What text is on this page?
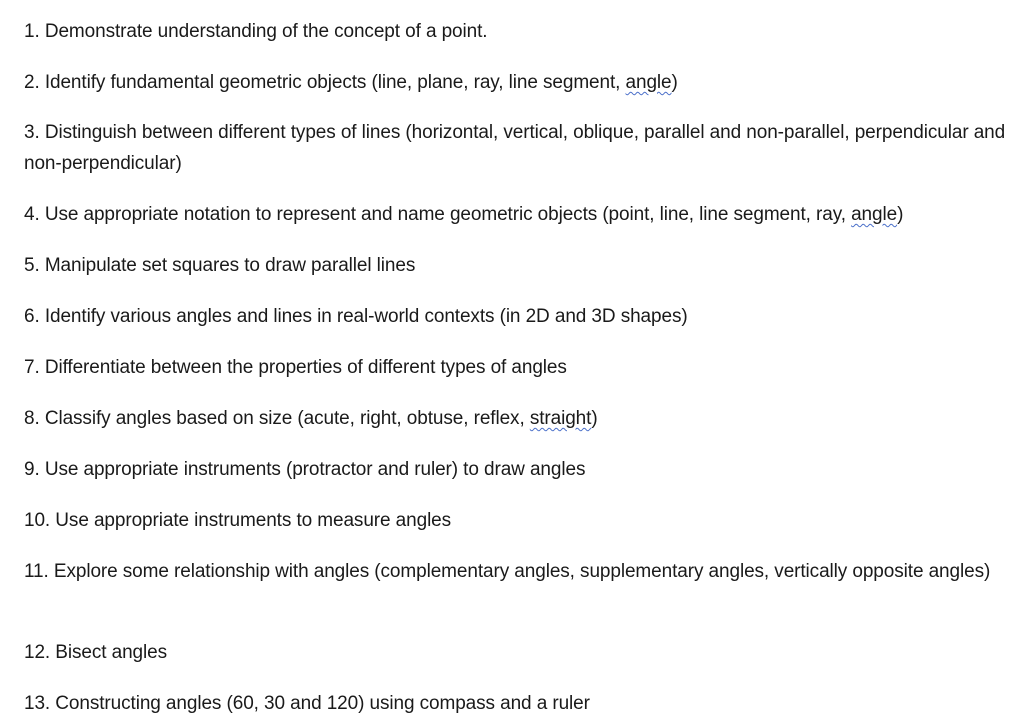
1. Demonstrate understanding of the concept of a point.
2. Identify fundamental geometric objects (line, plane, ray, line segment, angle)
3. Distinguish between different types of lines (horizontal, vertical, oblique, parallel and non-parallel, perpendicular and non-perpendicular)
4. Use appropriate notation to represent and name geometric objects (point, line, line segment, ray, angle)
5. Manipulate set squares to draw parallel lines
6. Identify various angles and lines in real-world contexts (in 2D and 3D shapes)
7. Differentiate between the properties of different types of angles
8. Classify angles based on size (acute, right, obtuse, reflex, straight)
9. Use appropriate instruments (protractor and ruler) to draw angles
10. Use appropriate instruments to measure angles
11. Explore some relationship with angles (complementary angles, supplementary angles, vertically opposite angles)
12. Bisect angles
13. Constructing angles (60, 30 and 120) using compass and a ruler
